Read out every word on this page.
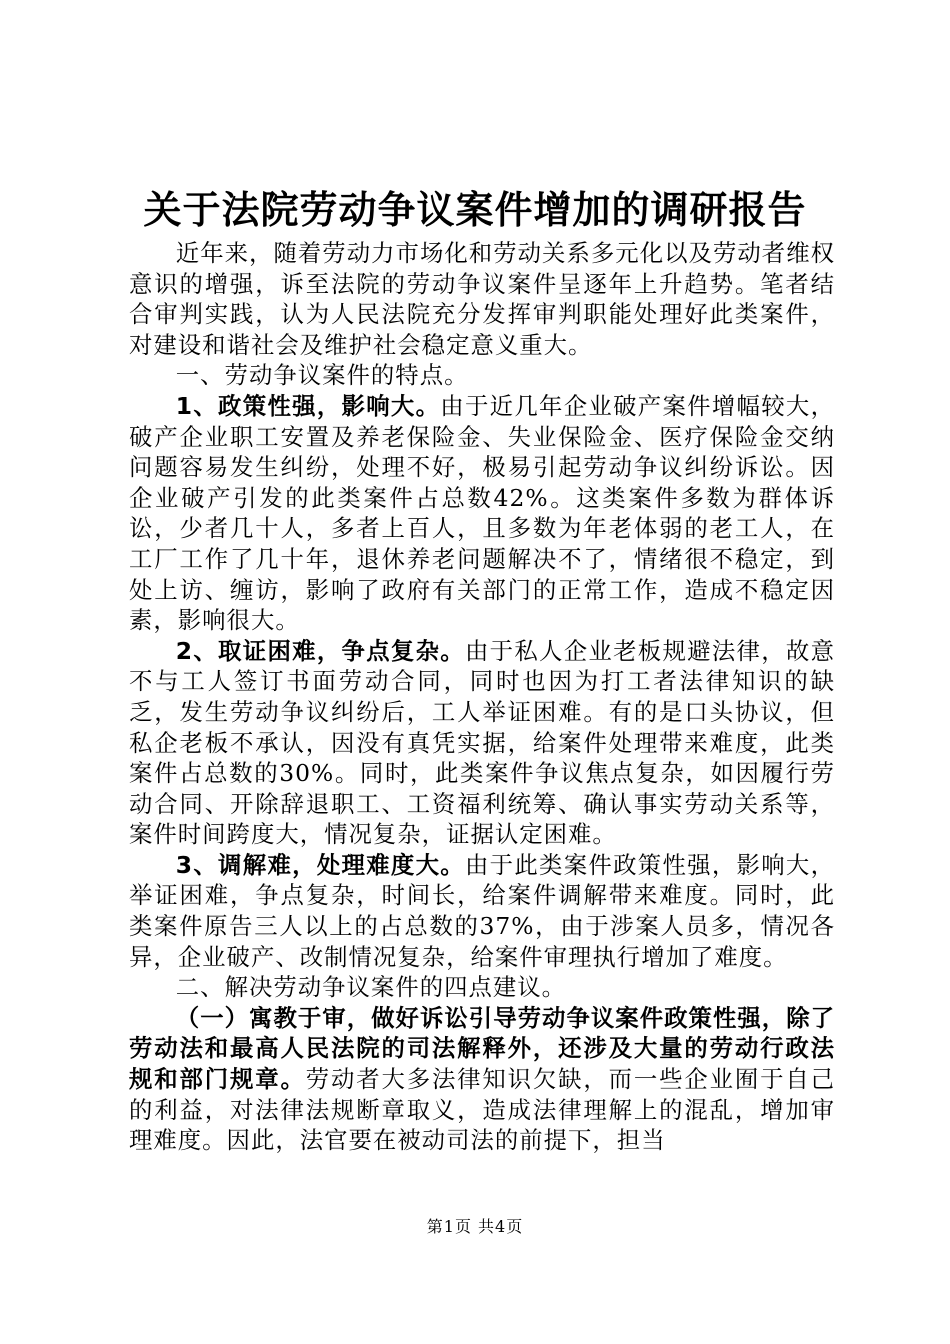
关于法院劳动争议案件增加的调研报告

近年来，随着劳动力市场化和劳动关系多元化以及劳动者维权意识的增强，诉至法院的劳动争议案件呈逐年上升趋势。笔者结合审判实践，认为人民法院充分发挥审判职能处理好此类案件，对建设和谐社会及维护社会稳定意义重大。

一、劳动争议案件的特点。

1、政策性强，影响大。由于近几年企业破产案件增幅较大，破产企业职工安置及养老保险金、失业保险金、医疗保险金交纳问题容易发生纠纷，处理不好，极易引起劳动争议纠纷诉讼。因企业破产引发的此类案件占总数42%。这类案件多数为群体诉讼，少者几十人，多者上百人，且多数为年老体弱的老工人，在工厂工作了几十年，退休养老问题解决不了，情绪很不稳定，到处上访、缠访，影响了政府有关部门的正常工作，造成不稳定因素，影响很大。

2、取证困难，争点复杂。由于私人企业老板规避法律，故意不与工人签订书面劳动合同，同时也因为打工者法律知识的缺乏，发生劳动争议纠纷后，工人举证困难。有的是口头协议，但私企老板不承认，因没有真凭实据，给案件处理带来难度，此类案件占总数的30%。同时，此类案件争议焦点复杂，如因履行劳动合同、开除辞退职工、工资福利统筹、确认事实劳动关系等，案件时间跨度大，情况复杂，证据认定困难。

3、调解难，处理难度大。由于此类案件政策性强，影响大，举证困难，争点复杂，时间长，给案件调解带来难度。同时，此类案件原告三人以上的占总数的37%，由于涉案人员多，情况各异，企业破产、改制情况复杂，给案件审理执行增加了难度。

二、解决劳动争议案件的四点建议。

（一）寓教于审，做好诉讼引导劳动争议案件政策性强，除了劳动法和最高人民法院的司法解释外，还涉及大量的劳动行政法规和部门规章。劳动者大多法律知识欠缺，而一些企业囿于自己的利益，对法律法规断章取义，造成法律理解上的混乱，增加审理难度。因此，法官要在被动司法的前提下，担当

第1页 共4页
